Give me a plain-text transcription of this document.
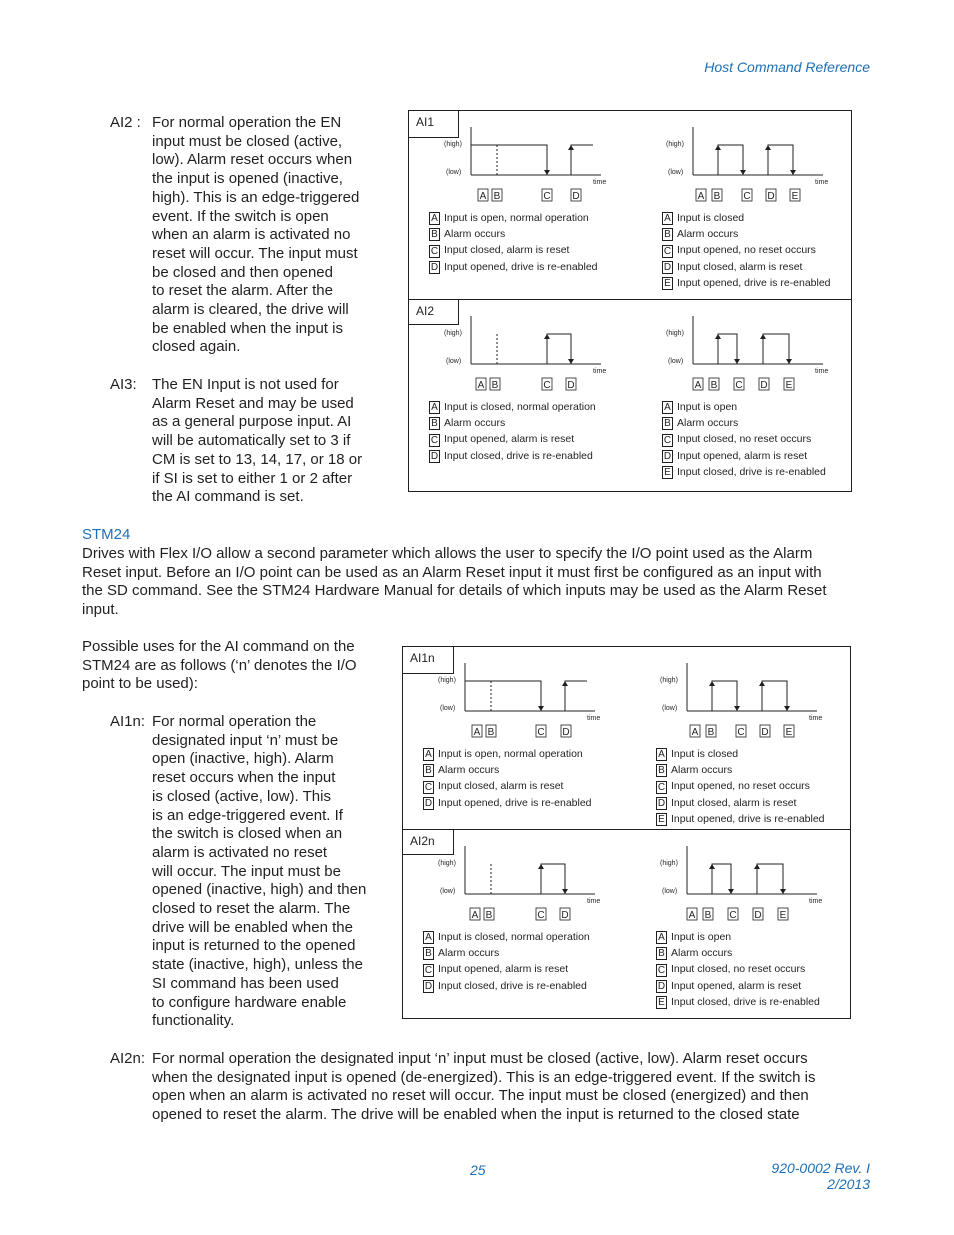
Host Command Reference
AI2 : For normal operation the EN
input must be closed (active,
low). Alarm reset occurs when
the input is opened (inactive,
high). This is an edge-triggered
event. If the switch is open
when an alarm is activated no
reset will occur. The input must
be closed and then opened
to reset the alarm. After the
alarm is cleared, the drive will
be enabled when the input is
closed again.
AI3: The EN Input is not used for
Alarm Reset and may be used
as a general purpose input. AI
will be automatically set to 3 if
CM is set to 13, 14, 17, or 18 or
if SI is set to either 1 or 2 after
the AI command is set.
AI1
(high)
(low)
time
A B	C D
A Input is open, normal operation
B Alarm occurs
C Input closed, alarm is reset
D Input opened, drive is re-enabled
(high)
(low)
time
A B C D E
A Input is closed
B Alarm occurs
C Input opened, no reset occurs
D Input closed, alarm is reset
E Input opened, drive is re-enabled
AI2
(high)
(low)
time
A B	C D
A Input is closed, normal operation
B Alarm occurs
C Input opened, alarm is reset
D Input closed, drive is re-enabled
(high)
(low)
time
A B C D E
A Input is open
B Alarm occurs
C Input closed, no reset occurs
D Input opened, alarm is reset
E Input closed, drive is re-enabled
STM24
Drives with Flex I/O allow a second parameter which allows the user to specify the I/O point used as the Alarm
Reset input. Before an I/O point can be used as an Alarm Reset input it must first be configured as an input with
the SD command. See the STM24 Hardware Manual for details of which inputs may be used as the Alarm Reset
input.
Possible uses for the AI command on the
STM24 are as follows (‘n’ denotes the I/O
point to be used):
AI1n: For normal operation the
designated input ‘n’ must be
open (inactive, high). Alarm
reset occurs when the input
is closed (active, low). This
is an edge-triggered event. If
the switch is closed when an
alarm is activated no reset
will occur. The input must be
opened (inactive, high) and then
closed to reset the alarm. The
drive will be enabled when the
input is returned to the opened
state (inactive, high), unless the
SI command has been used
to configure hardware enable
functionality.
AI1n
(high)
(low)
time
A B	C D
A Input is open, normal operation
B Alarm occurs
C Input closed, alarm is reset
D Input opened, drive is re-enabled
(high)
(low)
time
A B C D E
A Input is closed
B Alarm occurs
C Input opened, no reset occurs
D Input closed, alarm is reset
E Input opened, drive is re-enabled
AI2n
(high)
(low)
time
A B	C D
A Input is closed, normal operation
B Alarm occurs
C Input opened, alarm is reset
D Input closed, drive is re-enabled
(high)
(low)
time
A B C D E
A Input is open
B Alarm occurs
C Input closed, no reset occurs
D Input opened, alarm is reset
E Input closed, drive is re-enabled
AI2n: For normal operation the designated input ‘n’ input must be closed (active, low). Alarm reset occurs
when the designated input is opened (de-energized). This is an edge-triggered event. If the switch is
open when an alarm is activated no reset will occur. The input must be closed (energized) and then
opened to reset the alarm. The drive will be enabled when the input is returned to the closed state
25	920-0002 Rev. I
2/2013
